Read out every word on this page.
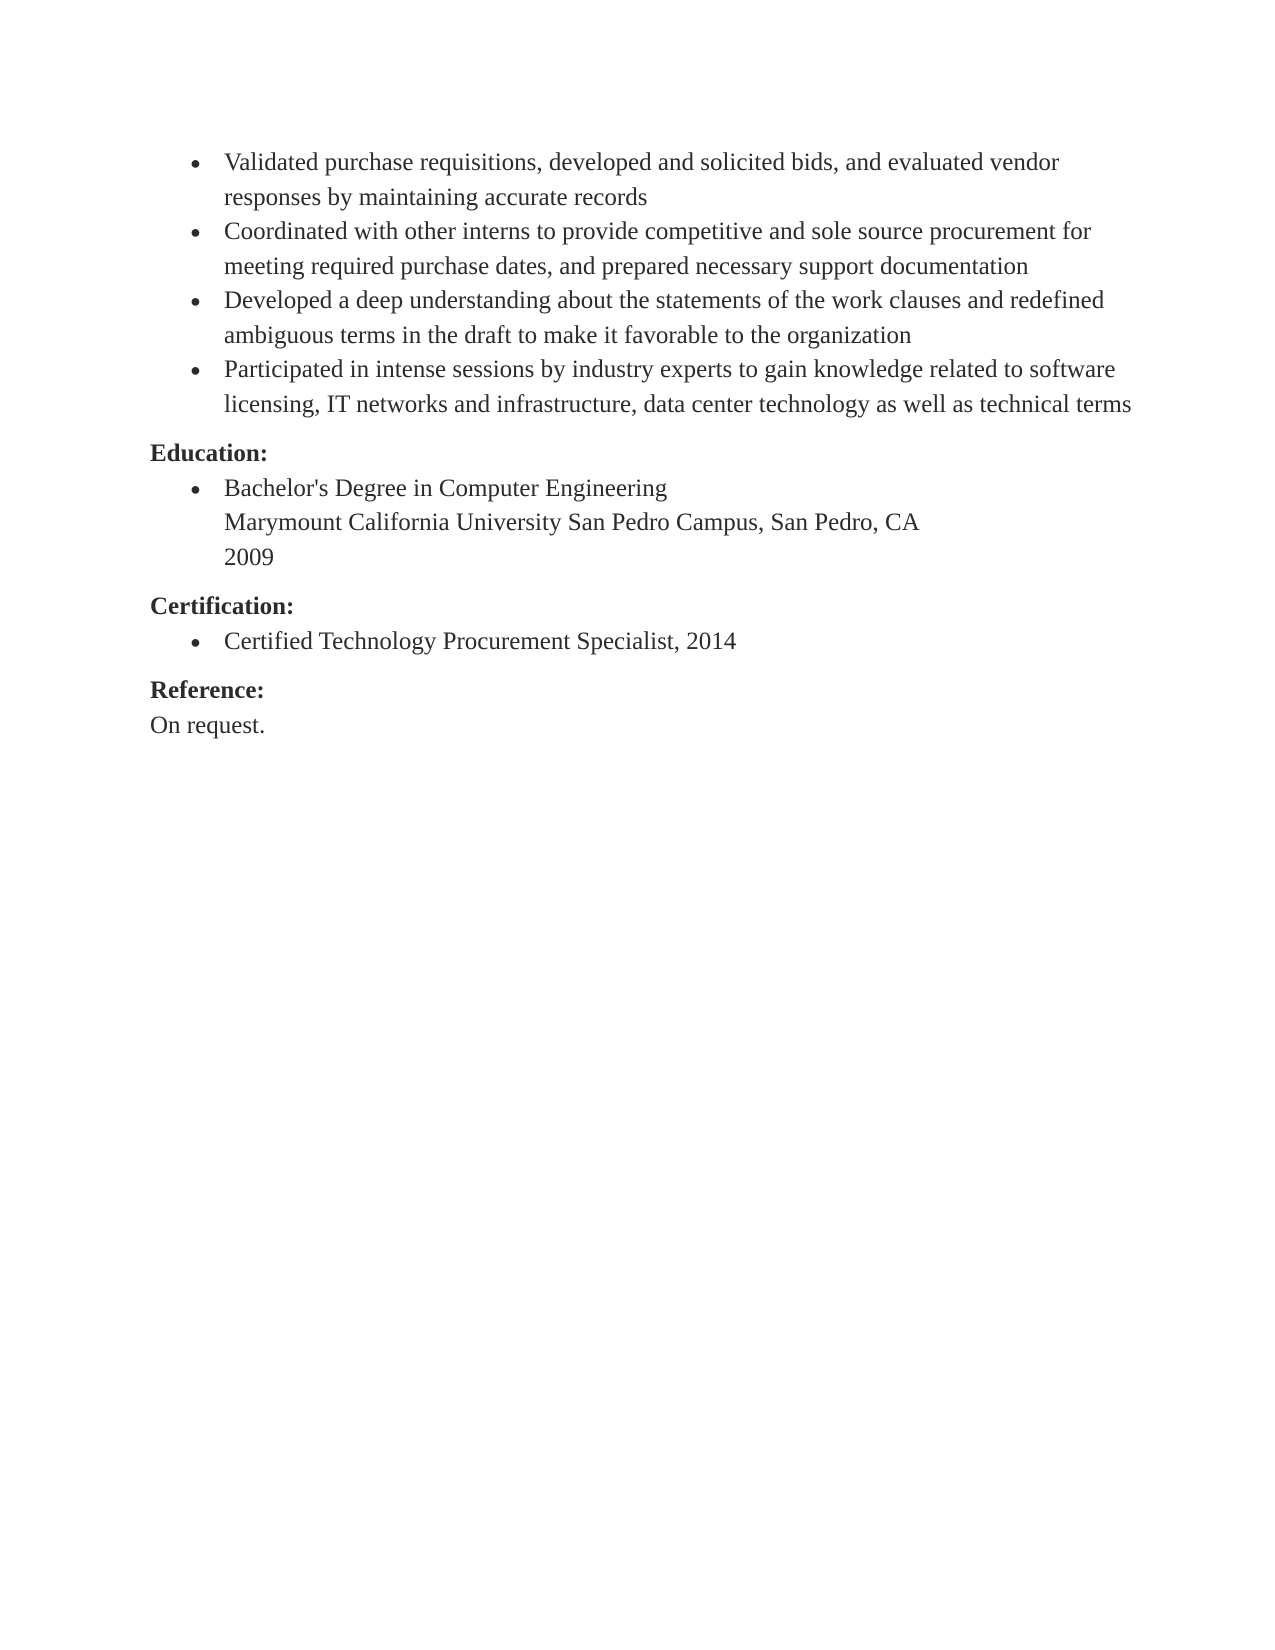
● Validated purchase requisitions, developed and solicited bids, and evaluated vendor responses by maintaining accurate records
● Coordinated with other interns to provide competitive and sole source procurement for meeting required purchase dates, and prepared necessary support documentation
● Developed a deep understanding about the statements of the work clauses and redefined ambiguous terms in the draft to make it favorable to the organization
● Participated in intense sessions by industry experts to gain knowledge related to software licensing, IT networks and infrastructure, data center technology as well as technical terms
Education:
● Bachelor's Degree in Computer Engineering
Marymount California University San Pedro Campus, San Pedro, CA
2009
Certification:
● Certified Technology Procurement Specialist, 2014
Reference:
On request.
